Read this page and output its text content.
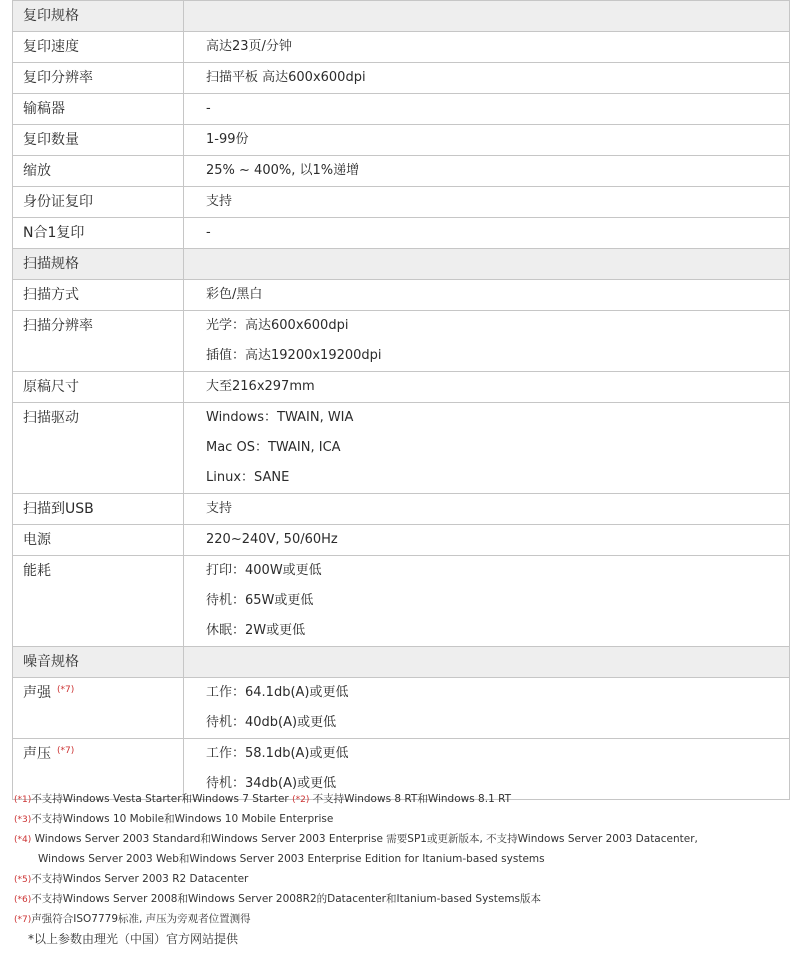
复印规格	

复印速度	高达23页/分钟

复印分辨率	扫描平板 高达600x600dpi

输稿器	-

复印数量	1-99份

缩放	25% ~ 400%, 以1%递增

身份证复印	支持

N合1复印	-

扫描规格	

扫描方式	彩色/黑白

扫描分辨率	光学：高达600x600dpi
插值：高达19200x19200dpi

原稿尺寸	大至216x297mm

扫描驱动	Windows：TWAIN, WIA
Mac OS：TWAIN, ICA
Linux：SANE

扫描到USB	支持

电源	220~240V, 50/60Hz

能耗	打印：400W或更低
待机：65W或更低
休眠：2W或更低

噪音规格	

声强 $^{(*7)}$	工作：64.1db(A)或更低
待机：40db(A)或更低

声压 $^{(*7)}$	工作：58.1db(A)或更低
待机：34db(A)或更低
(*1)不支持Windows Vesta Starter和Windows 7 Starter (*2) 不支持Windows 8 RT和Windows 8.1 RT
(*3)不支持Windows 10 Mobile和Windows 10 Mobile Enterprise
(*4) Windows Server 2003 Standard和Windows Server 2003 Enterprise 需要SP1或更新版本, 不支持Windows Server 2003 Datacenter,
Windows Server 2003 Web和Windows Server 2003 Enterprise Edition for Itanium-based systems
(*5)不支持Windos Server 2003 R2 Datacenter
(*6)不支持Windows Server 2008和Windows Server 2008R2的Datacenter和Itanium-based Systems版本
(*7)声强符合ISO7779标准, 声压为旁观者位置测得
*以上参数由理光（中国）官方网站提供
